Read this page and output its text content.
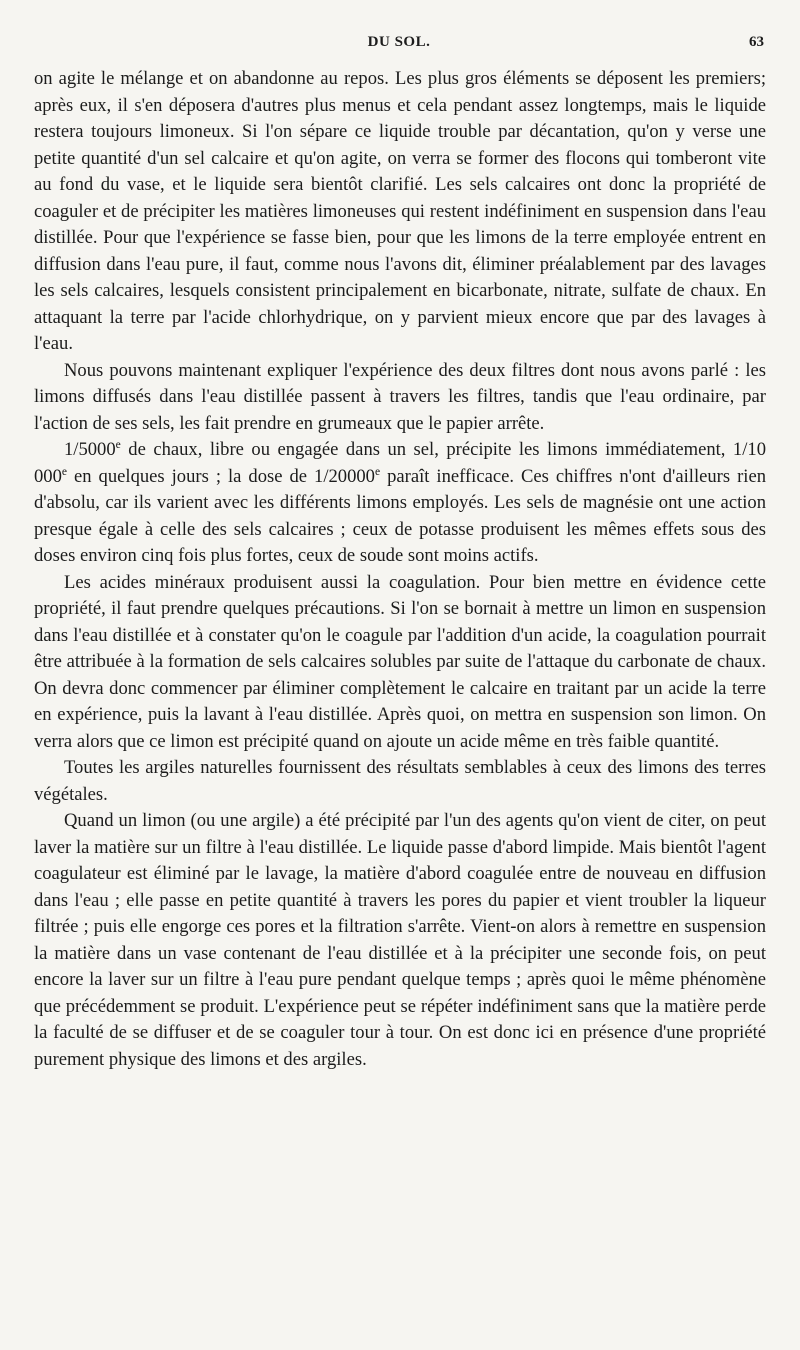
DU SOL.	63

on agite le mélange et on abandonne au repos. Les plus gros éléments se déposent les premiers; après eux, il s'en déposera d'autres plus menus et cela pendant assez longtemps, mais le liquide restera toujours limoneux. Si l'on sépare ce liquide trouble par décantation, qu'on y verse une petite quantité d'un sel calcaire et qu'on agite, on verra se former des flocons qui tomberont vite au fond du vase, et le liquide sera bientôt clarifié. Les sels calcaires ont donc la propriété de coaguler et de précipiter les matières limoneuses qui restent indéfiniment en suspension dans l'eau distillée. Pour que l'expérience se fasse bien, pour que les limons de la terre employée entrent en diffusion dans l'eau pure, il faut, comme nous l'avons dit, éliminer préalablement par des lavages les sels calcaires, lesquels consistent principalement en bicarbonate, nitrate, sulfate de chaux. En attaquant la terre par l'acide chlorhydrique, on y parvient mieux encore que par des lavages à l'eau.

Nous pouvons maintenant expliquer l'expérience des deux filtres dont nous avons parlé : les limons diffusés dans l'eau distillée passent à travers les filtres, tandis que l'eau ordinaire, par l'action de ses sels, les fait prendre en grumeaux que le papier arrête.

1/5000e de chaux, libre ou engagée dans un sel, précipite les limons immédiatement, 1/10 000e en quelques jours ; la dose de 1/20000e paraît inefficace. Ces chiffres n'ont d'ailleurs rien d'absolu, car ils varient avec les différents limons employés. Les sels de magnésie ont une action presque égale à celle des sels calcaires ; ceux de potasse produisent les mêmes effets sous des doses environ cinq fois plus fortes, ceux de soude sont moins actifs.

Les acides minéraux produisent aussi la coagulation. Pour bien mettre en évidence cette propriété, il faut prendre quelques précautions. Si l'on se bornait à mettre un limon en suspension dans l'eau distillée et à constater qu'on le coagule par l'addition d'un acide, la coagulation pourrait être attribuée à la formation de sels calcaires solubles par suite de l'attaque du carbonate de chaux. On devra donc commencer par éliminer complètement le calcaire en traitant par un acide la terre en expérience, puis la lavant à l'eau distillée. Après quoi, on mettra en suspension son limon. On verra alors que ce limon est précipité quand on ajoute un acide même en très faible quantité.

Toutes les argiles naturelles fournissent des résultats semblables à ceux des limons des terres végétales.

Quand un limon (ou une argile) a été précipité par l'un des agents qu'on vient de citer, on peut laver la matière sur un filtre à l'eau distillée. Le liquide passe d'abord limpide. Mais bientôt l'agent coagulateur est éliminé par le lavage, la matière d'abord coagulée entre de nouveau en diffusion dans l'eau ; elle passe en petite quantité à travers les pores du papier et vient troubler la liqueur filtrée ; puis elle engorge ces pores et la filtration s'arrête. Vient-on alors à remettre en suspension la matière dans un vase contenant de l'eau distillée et à la précipiter une seconde fois, on peut encore la laver sur un filtre à l'eau pure pendant quelque temps ; après quoi le même phénomène que précédemment se produit. L'expérience peut se répéter indéfiniment sans que la matière perde la faculté de se diffuser et de se coaguler tour à tour. On est donc ici en présence d'une propriété purement physique des limons et des argiles.
